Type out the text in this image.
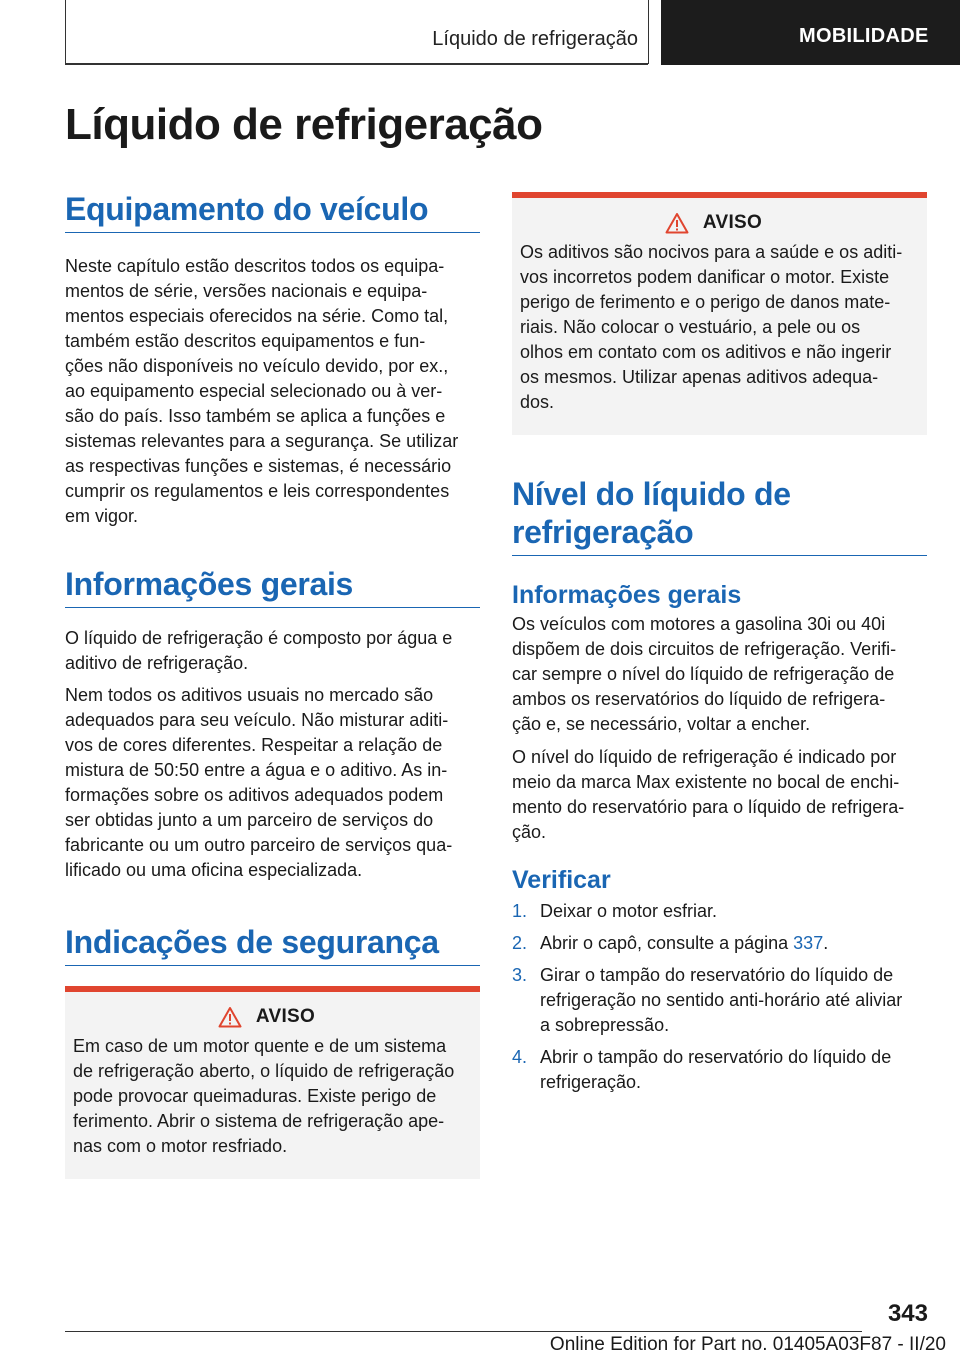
Líquido de refrigeração	MOBILIDADE
Líquido de refrigeração
Equipamento do veículo

Neste capítulo estão descritos todos os equipa‐
mentos de série, versões nacionais e equipa‐
mentos especiais oferecidos na série. Como tal,
também estão descritos equipamentos e fun‐
ções não disponíveis no veículo devido, por ex.,
ao equipamento especial selecionado ou à ver‐
são do país. Isso também se aplica a funções e
sistemas relevantes para a segurança. Se utilizar
as respectivas funções e sistemas, é necessário
cumprir os regulamentos e leis correspondentes
em vigor.

Informações gerais

O líquido de refrigeração é composto por água e
aditivo de refrigeração.

Nem todos os aditivos usuais no mercado são
adequados para seu veículo. Não misturar aditi‐
vos de cores diferentes. Respeitar a relação de
mistura de 50:50 entre a água e o aditivo. As in‐
formações sobre os aditivos adequados podem
ser obtidas junto a um parceiro de serviços do
fabricante ou um outro parceiro de serviços qua‐
lificado ou uma oficina especializada.

Indicações de segurança
AVISO

Em caso de um motor quente e de um sistema
de refrigeração aberto, o líquido de refrigeração
pode provocar queimaduras. Existe perigo de
ferimento. Abrir o sistema de refrigeração ape‐
nas com o motor resfriado.

AVISO

Os aditivos são nocivos para a saúde e os aditi‐
vos incorretos podem danificar o motor. Existe
perigo de ferimento e o perigo de danos mate‐
riais. Não colocar o vestuário, a pele ou os
olhos em contato com os aditivos e não ingerir
os mesmos. Utilizar apenas aditivos adequa‐
dos.

Nível do líquido de
refrigeração
Informações gerais

Os veículos com motores a gasolina 30i ou 40i
dispõem de dois circuitos de refrigeração. Verifi‐
car sempre o nível do líquido de refrigeração de
ambos os reservatórios do líquido de refrigera‐
ção e, se necessário, voltar a encher.

O nível do líquido de refrigeração é indicado por
meio da marca Max existente no bocal de enchi‐
mento do reservatório para o líquido de refrigera‐
ção.

Verificar
1. Deixar o motor esfriar.
2. Abrir o capô, consulte a página 337.
3. Girar o tampão do reservatório do líquido de
refrigeração no sentido anti-horário até aliviar
a sobrepressão.
4. Abrir o tampão do reservatório do líquido de
refrigeração.
343
Online Edition for Part no. 01405A03F87 - II/20
